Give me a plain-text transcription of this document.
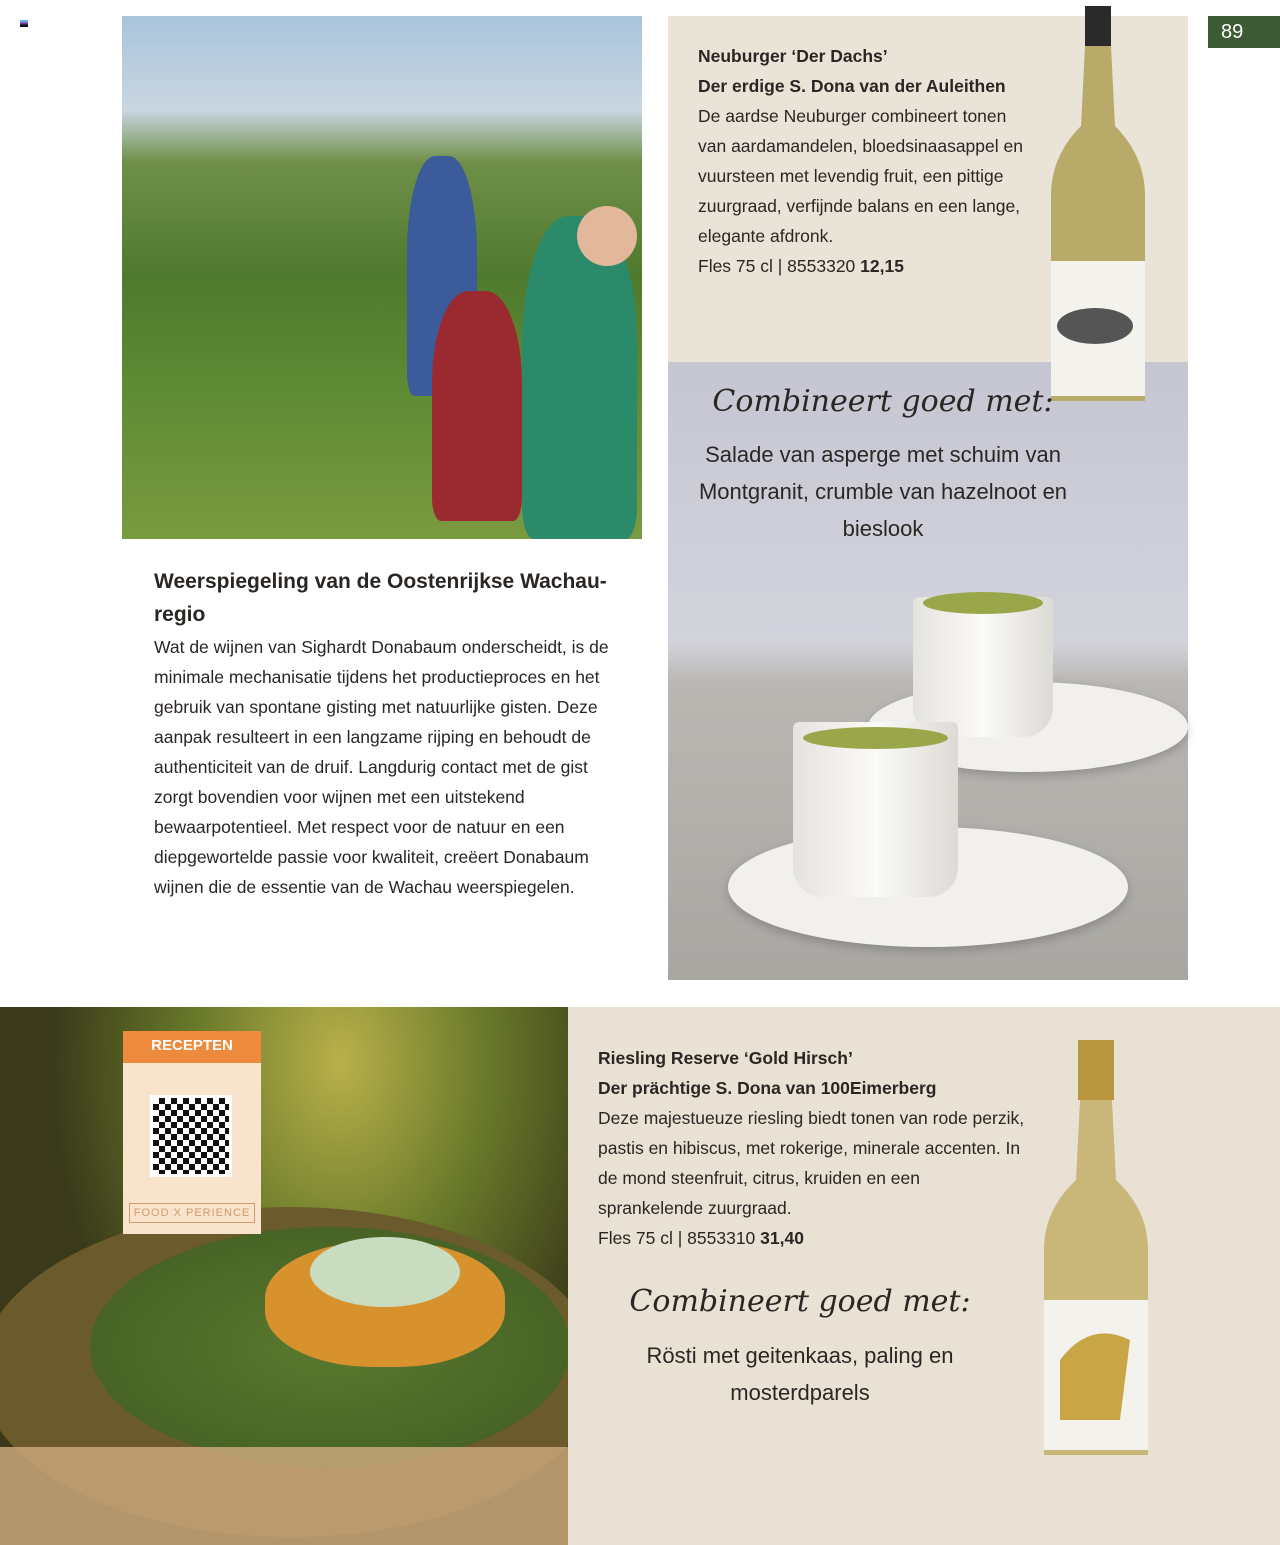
Weerspiegeling van de Oostenrijkse Wachau-regio
Wat de wijnen van Sighardt Donabaum onderscheidt, is de minimale mechanisatie tijdens het productieproces en het gebruik van spontane gisting met natuurlijke gisten. Deze aanpak resulteert in een langzame rijping en behoudt de authenticiteit van de druif. Langdurig contact met de gist zorgt bovendien voor wijnen met een uitstekend bewaarpotentieel. Met respect voor de natuur en een diepgewortelde passie voor kwaliteit, creëert Donabaum wijnen die de essentie van de Wachau weerspiegelen.
Neuburger ‘Der Dachs’
Der erdige S. Dona van der Auleithen
De aardse Neuburger combineert tonen van aardamandelen, bloedsinaasappel en vuursteen met levendig fruit, een pittige zuurgraad, verfijnde balans en een lange, elegante afdronk.
Fles 75 cl | 8553320 12,15
89
Combineert goed met:
Salade van asperge met schuim van Montgranit, crumble van hazelnoot en bieslook
RECEPTEN
FOOD X PERIENCE
Riesling Reserve ‘Gold Hirsch’
Der prächtige S. Dona van 100Eimerberg
Deze majestueuze riesling biedt tonen van rode perzik, pastis en hibiscus, met rokerige, minerale accenten. In de mond steenfruit, citrus, kruiden en een sprankelende zuurgraad.
Fles 75 cl | 8553310 31,40
Combineert goed met:
Rösti met geitenkaas, paling en mosterdparels
